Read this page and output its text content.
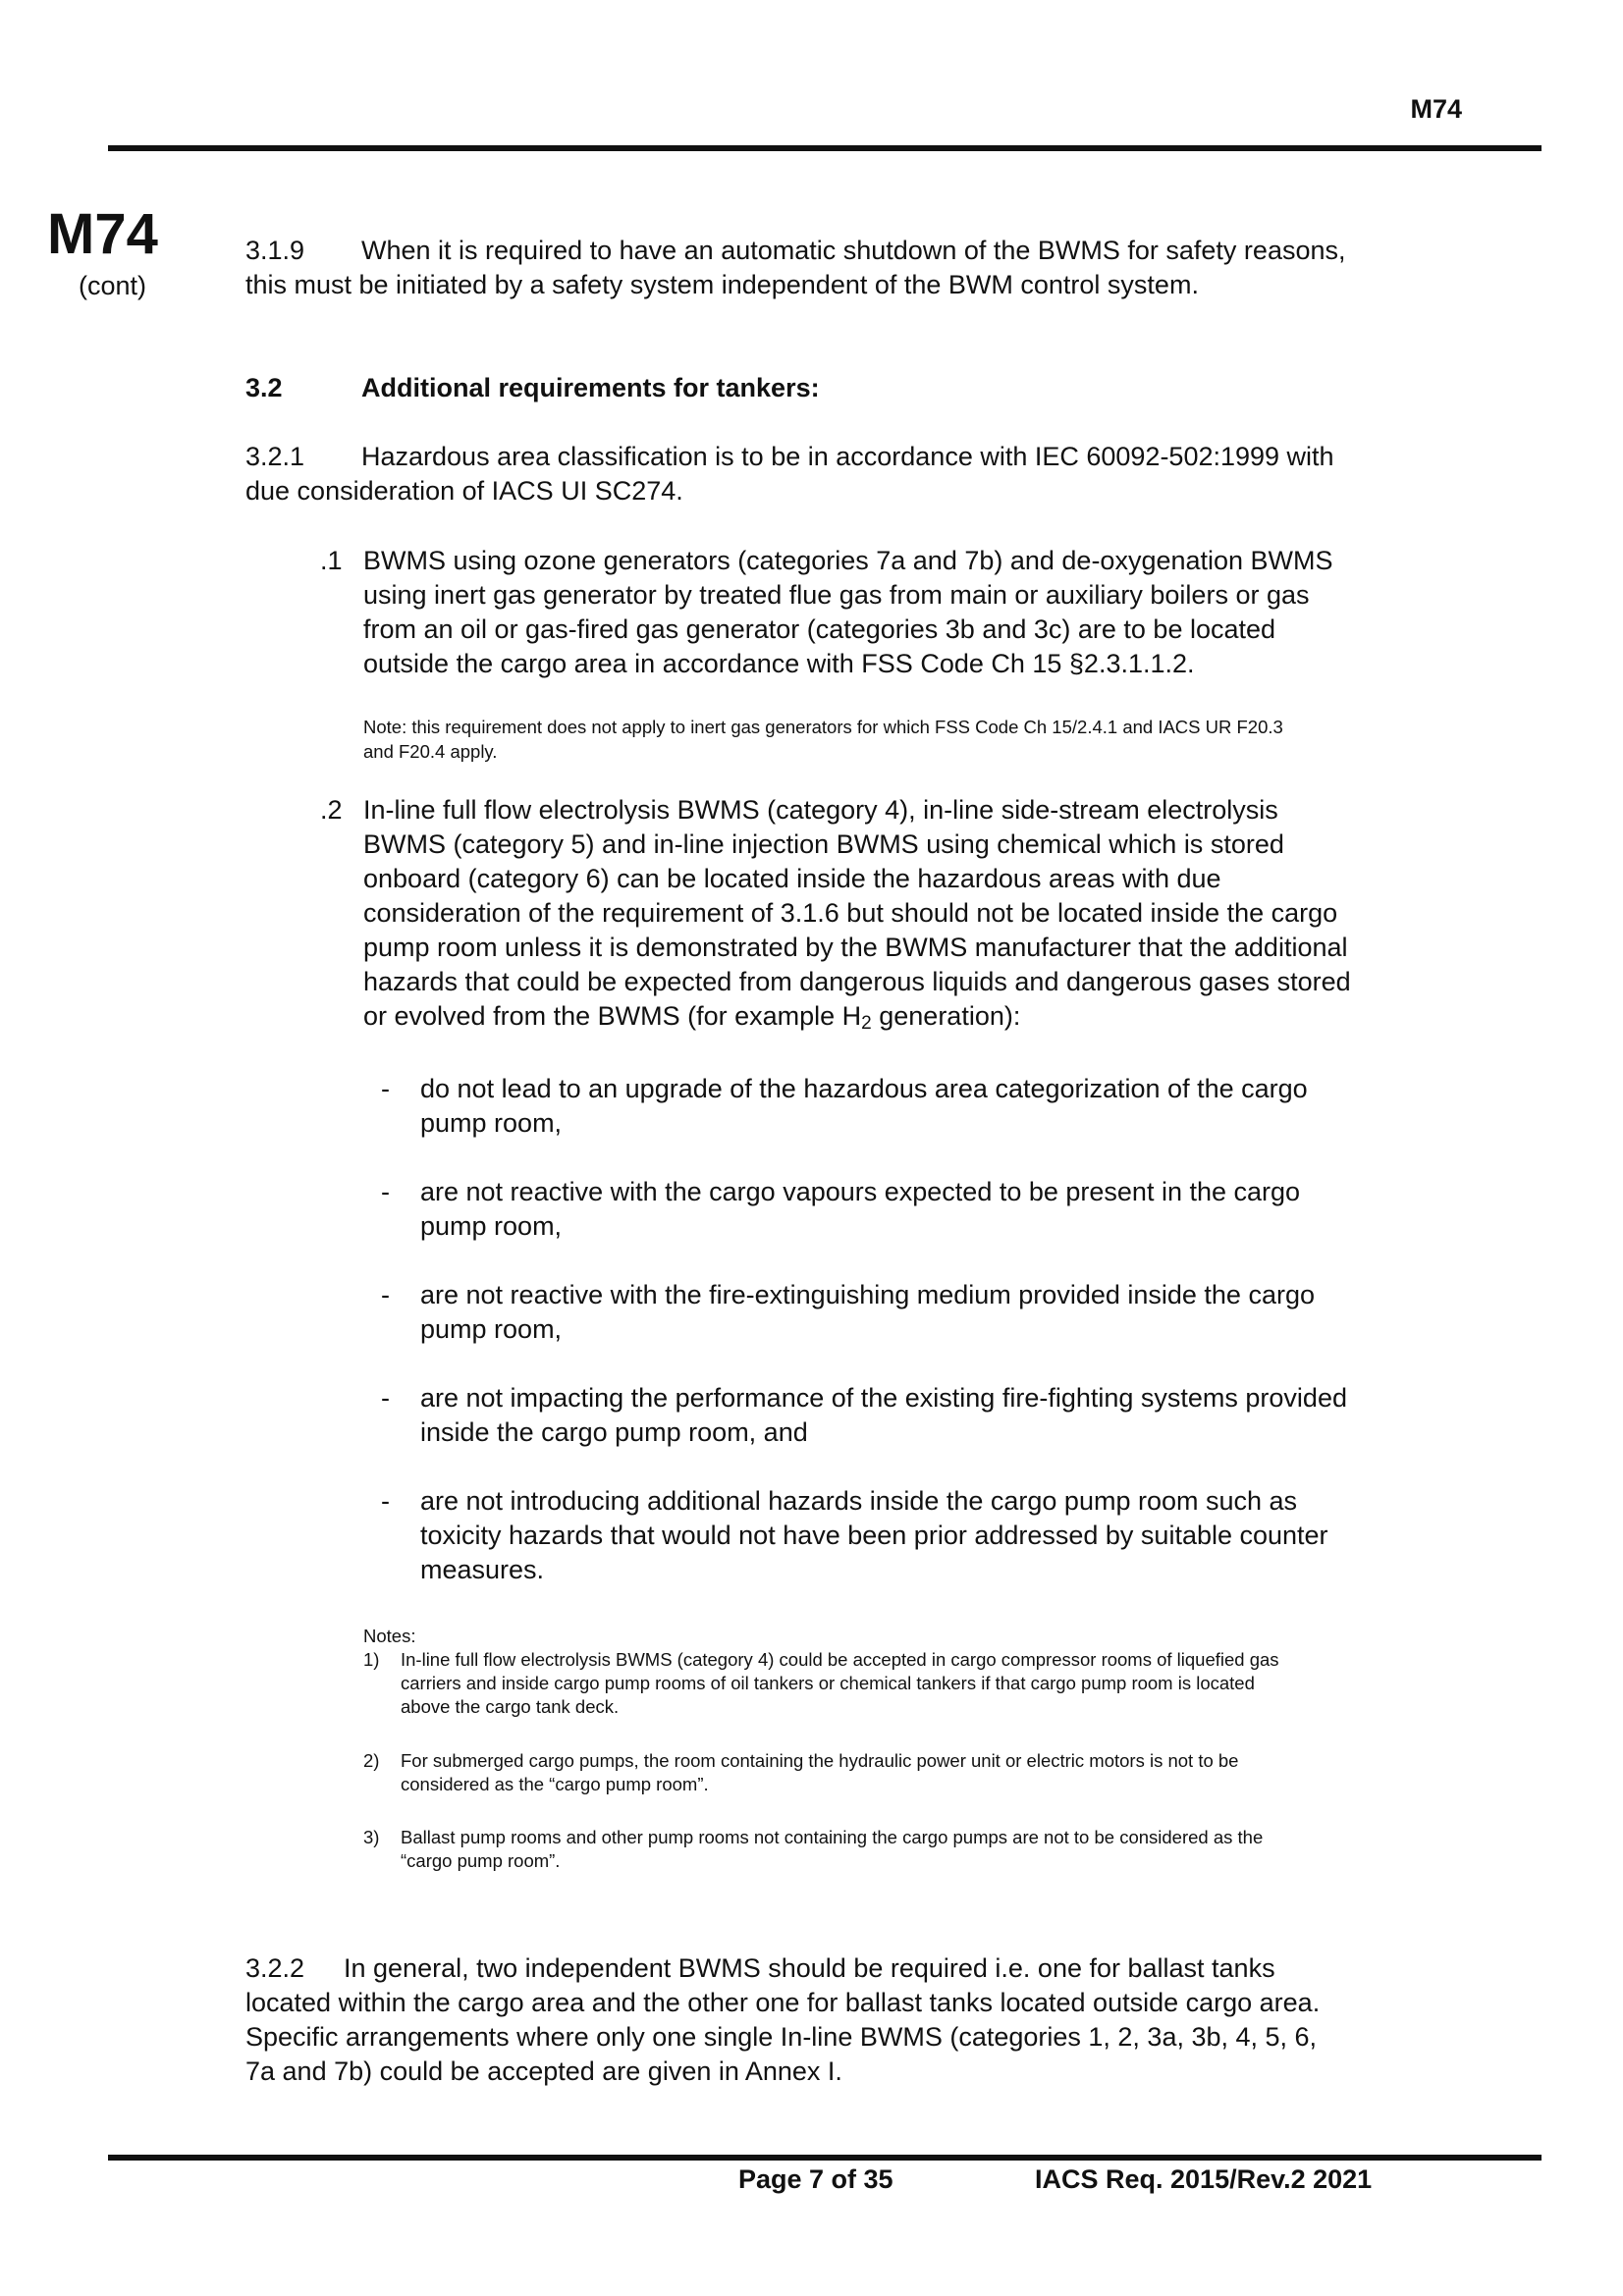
M74
M74
(cont)
3.1.9 When it is required to have an automatic shutdown of the BWMS for safety reasons,
this must be initiated by a safety system independent of the BWM control system.
3.2	Additional requirements for tankers:
3.2.1 Hazardous area classification is to be in accordance with IEC 60092-502:1999 with
due consideration of IACS UI SC274.
.1 BWMS using ozone generators (categories 7a and 7b) and de-oxygenation BWMS
using inert gas generator by treated flue gas from main or auxiliary boilers or gas
from an oil or gas-fired gas generator (categories 3b and 3c) are to be located
outside the cargo area in accordance with FSS Code Ch 15 §2.3.1.1.2.
Note: this requirement does not apply to inert gas generators for which FSS Code Ch 15/2.4.1 and IACS UR F20.3
and F20.4 apply.
.2 In-line full flow electrolysis BWMS (category 4), in-line side-stream electrolysis
BWMS (category 5) and in-line injection BWMS using chemical which is stored
onboard (category 6) can be located inside the hazardous areas with due
consideration of the requirement of 3.1.6 but should not be located inside the cargo
pump room unless it is demonstrated by the BWMS manufacturer that the additional
hazards that could be expected from dangerous liquids and dangerous gases stored
or evolved from the BWMS (for example $H_2$ generation):
- do not lead to an upgrade of the hazardous area categorization of the cargo
pump room,
- are not reactive with the cargo vapours expected to be present in the cargo
pump room,
- are not reactive with the fire-extinguishing medium provided inside the cargo
pump room,
- are not impacting the performance of the existing fire-fighting systems provided
inside the cargo pump room, and
- are not introducing additional hazards inside the cargo pump room such as
toxicity hazards that would not have been prior addressed by suitable counter
measures.
Notes:
1) In-line full flow electrolysis BWMS (category 4) could be accepted in cargo compressor rooms of liquefied gas
carriers and inside cargo pump rooms of oil tankers or chemical tankers if that cargo pump room is located
above the cargo tank deck.
2) For submerged cargo pumps, the room containing the hydraulic power unit or electric motors is not to be
considered as the “cargo pump room”.
3) Ballast pump rooms and other pump rooms not containing the cargo pumps are not to be considered as the
“cargo pump room”.
3.2.2 In general, two independent BWMS should be required i.e. one for ballast tanks
located within the cargo area and the other one for ballast tanks located outside cargo area.
Specific arrangements where only one single In-line BWMS (categories 1, 2, 3a, 3b, 4, 5, 6,
7a and 7b) could be accepted are given in Annex I.
Page 7 of 35	IACS Req. 2015/Rev.2 2021
